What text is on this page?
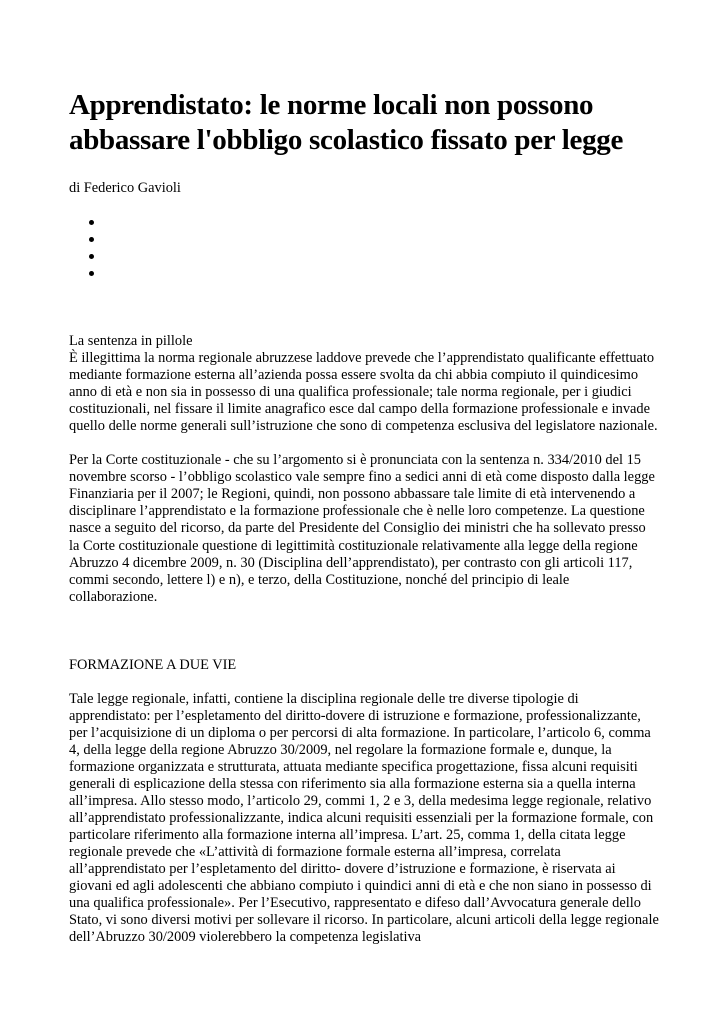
Apprendistato: le norme locali non possono abbassare l'obbligo scolastico fissato per legge
di Federico Gavioli
La sentenza in pillole

È illegittima la norma regionale abruzzese laddove prevede che l’apprendistato qualificante effettuato mediante formazione esterna all’azienda possa essere svolta da chi abbia compiuto il quindicesimo anno di età e non sia in possesso di una qualifica professionale; tale norma regionale, per i giudici costituzionali, nel fissare il limite anagrafico esce dal campo della formazione professionale e invade quello delle norme generali sull’istruzione che sono di competenza esclusiva del legislatore nazionale.

Per la Corte costituzionale - che su l’argomento si è pronunciata con la sentenza n. 334/2010 del 15 novembre scorso - l’obbligo scolastico vale sempre fino a sedici anni di età come disposto dalla legge Finanziaria per il 2007; le Regioni, quindi, non possono abbassare tale limite di età intervenendo a disciplinare l’apprendistato e la formazione professionale che è nelle loro competenze. La questione nasce a seguito del ricorso, da parte del Presidente del Consiglio dei ministri che ha sollevato presso la Corte costituzionale questione di legittimità costituzionale relativamente alla legge della regione Abruzzo 4 dicembre 2009, n. 30 (Disciplina dell’apprendistato), per contrasto con gli articoli 117, commi secondo, lettere l) e n), e terzo, della Costituzione, nonché del principio di leale collaborazione.

FORMAZIONE A DUE VIE

Tale legge regionale, infatti, contiene la disciplina regionale delle tre diverse tipologie di apprendistato: per l’espletamento del diritto-dovere di istruzione e formazione, professionalizzante, per l’acquisizione di un diploma o per percorsi di alta formazione. In particolare, l’articolo 6, comma 4, della legge della regione Abruzzo 30/2009, nel regolare la formazione formale e, dunque, la formazione organizzata e strutturata, attuata mediante specifica progettazione, fissa alcuni requisiti generali di esplicazione della stessa con riferimento sia alla formazione esterna sia a quella interna all’impresa. Allo stesso modo, l’articolo 29, commi 1, 2 e 3, della medesima legge regionale, relativo all’apprendistato professionalizzante, indica alcuni requisiti essenziali per la formazione formale, con particolare riferimento alla formazione interna all’impresa. L’art. 25, comma 1, della citata legge regionale prevede che «L’attività di formazione formale esterna all’impresa, correlata all’apprendistato per l’espletamento del diritto- dovere d’istruzione e formazione, è riservata ai giovani ed agli adolescenti che abbiano compiuto i quindici anni di età e che non siano in possesso di una qualifica professionale». Per l’Esecutivo, rappresentato e difeso dall’Avvocatura generale dello Stato, vi sono diversi motivi per sollevare il ricorso. In particolare, alcuni articoli della legge regionale dell’Abruzzo 30/2009 violerebbero la competenza legislativa
